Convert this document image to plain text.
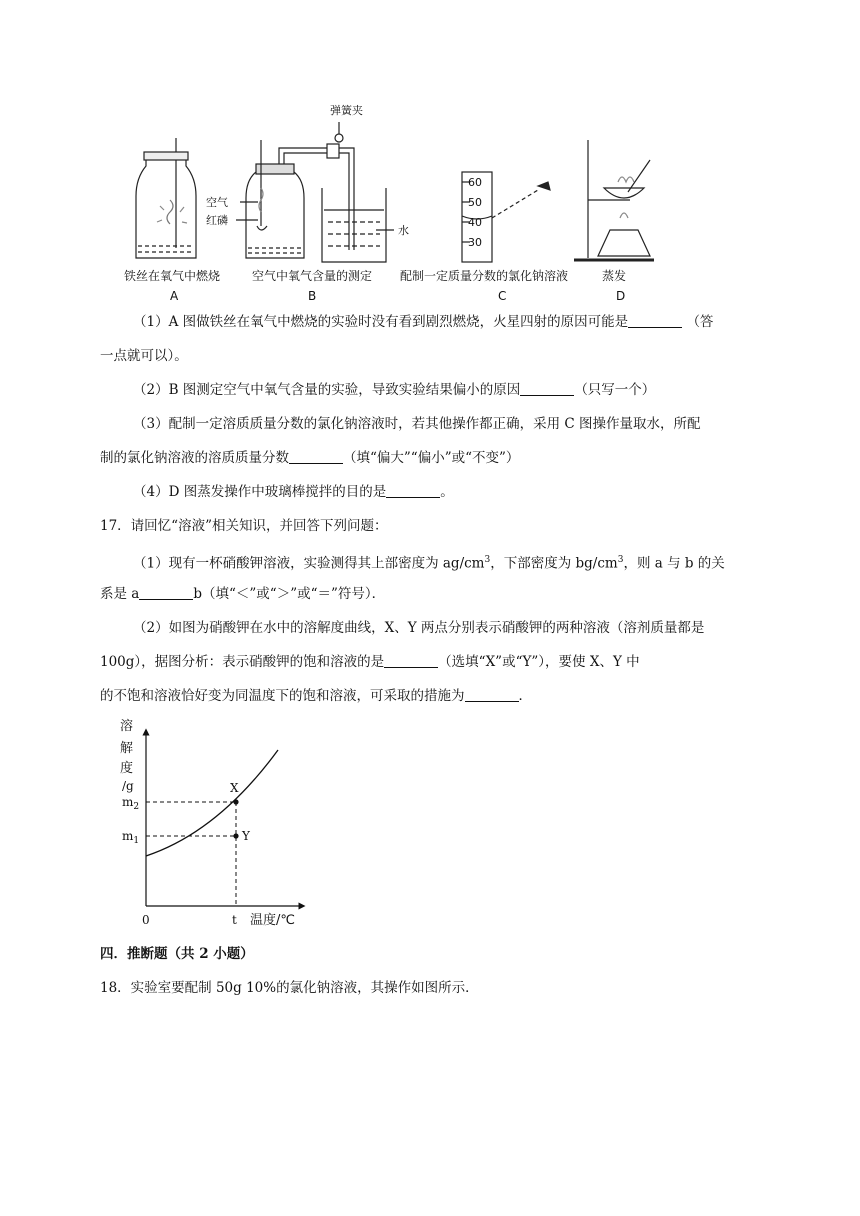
弹簧夹
空气
红磷
水
60
50
40
30
铁丝在氧气中燃烧
A
空气中氧气含量的测定
B
配制一定质量分数的氯化钠溶液
C
蒸发
D
（1）A 图做铁丝在氧气中燃烧的实验时没有看到剧烈燃烧，火星四射的原因可能是	（答
一点就可以）。
（2）B 图测定空气中氧气含量的实验，导致实验结果偏小的原因	（只写一个）
（3）配制一定溶质质量分数的氯化钠溶液时，若其他操作都正确，采用 C 图操作量取水，所配
制的氯化钠溶液的溶质质量分数	（填“偏大”“偏小”或“不变”）
（4）D 图蒸发操作中玻璃棒搅拌的目的是	。
17．请回忆“溶液”相关知识，并回答下列问题：
（1）现有一杯硝酸钾溶液，实验测得其上部密度为 $ag/cm^3$，下部密度为 $bg/cm^3$，则 a 与 b 的关
系是 a	b（填“＜”或“＞”或“＝”符号）．
（2）如图为硝酸钾在水中的溶解度曲线，X、Y 两点分别表示硝酸钾的两种溶液（溶剂质量都是
100g），据图分析：表示硝酸钾的饱和溶液的是	（选填“X”或“Y”），要使 X、Y 中
的不饱和溶液恰好变为同温度下的饱和溶液，可采取的措施为	．
溶
解
度
/g
$m_2$
$m_1$
X
Y
0	t 温度/℃
四．推断题（共 2 小题）
18．实验室要配制 50g 10%的氯化钠溶液，其操作如图所示．
